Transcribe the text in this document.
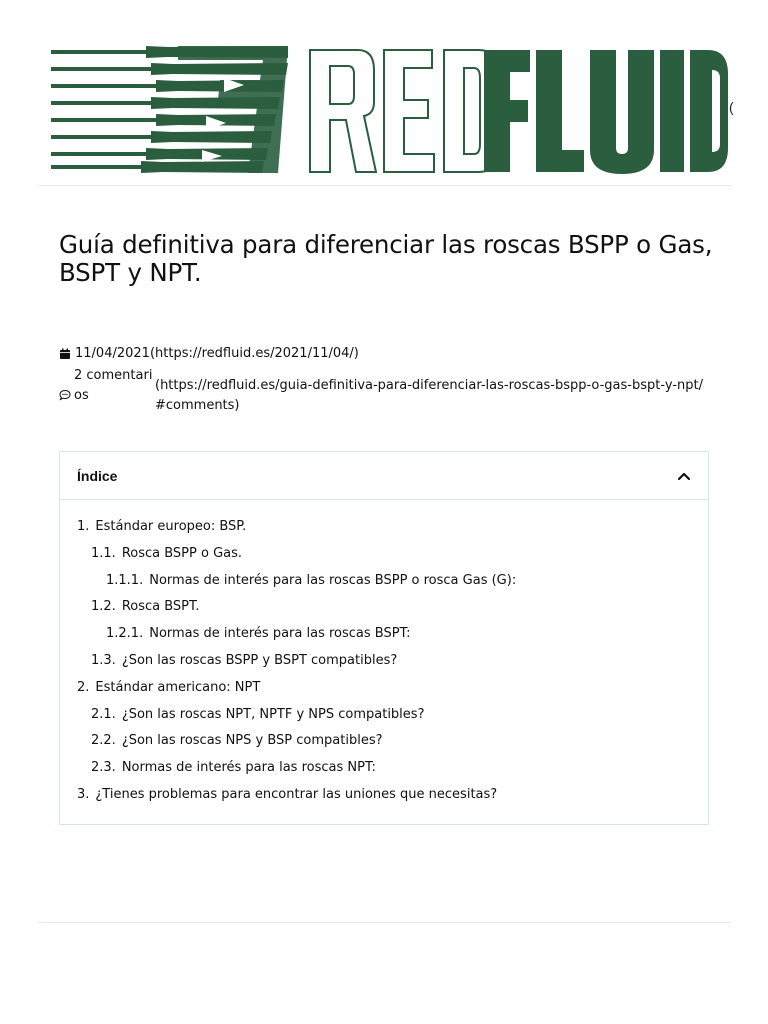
(
Guía definitiva para diferenciar las roscas BSPP o Gas, BSPT y NPT.
11/04/2021(https://redfluid.es/2021/11/04/)
2 comentarios
(https://redfluid.es/guia-definitiva-para-diferenciar-las-roscas-bspp-o-gas-bspt-y-npt/#comments)
Índice
1. Estándar europeo: BSP.
1.1. Rosca BSPP o Gas.
1.1.1. Normas de interés para las roscas BSPP o rosca Gas (G):
1.2. Rosca BSPT.
1.2.1. Normas de interés para las roscas BSPT:
1.3. ¿Son las roscas BSPP y BSPT compatibles?
2. Estándar americano: NPT
2.1. ¿Son las roscas NPT, NPTF y NPS compatibles?
2.2. ¿Son las roscas NPS y BSP compatibles?
2.3. Normas de interés para las roscas NPT:
3. ¿Tienes problemas para encontrar las uniones que necesitas?
